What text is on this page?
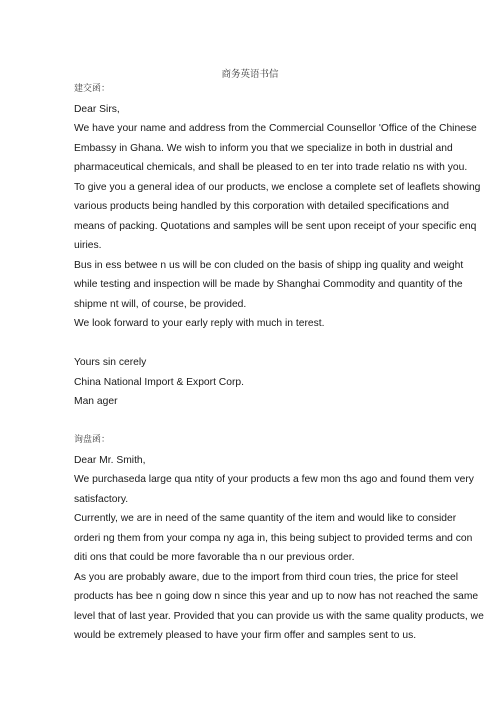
商务英语书信
建交函：
Dear Sirs,
We have your name and address from the Commercial Counsellor 'Office of the Chinese
Embassy in Ghana. We wish to inform you that we specialize in both in dustrial and
pharmaceutical chemicals, and shall be pleased to en ter into trade relatio ns with you.
To give you a general idea of our products, we enclose a complete set of leaflets showing
various products being handled by this corporation with detailed specifications and
means of packing. Quotations and samples will be sent upon receipt of your specific enq
uiries.
Bus in ess betwee n us will be con cluded on the basis of shipp ing quality and weight
while testing and inspection will be made by Shanghai Commodity and quantity of the
shipme nt will, of course, be provided.
We look forward to your early reply with much in terest.
Yours sin cerely
China National Import & Export Corp.
Man ager
询盘函：
Dear Mr. Smith,
We purchaseda large qua ntity of your products a few mon ths ago and found them very
satisfactory.
Currently, we are in need of the same quantity of the item and would like to consider
orderi ng them from your compa ny aga in, this being subject to provided terms and con
diti ons that could be more favorable tha n our previous order.
As you are probably aware, due to the import from third coun tries, the price for steel
products has bee n going dow n since this year and up to now has not reached the same
level that of last year. Provided that you can provide us with the same quality products, we
would be extremely pleased to have your firm offer and samples sent to us.
